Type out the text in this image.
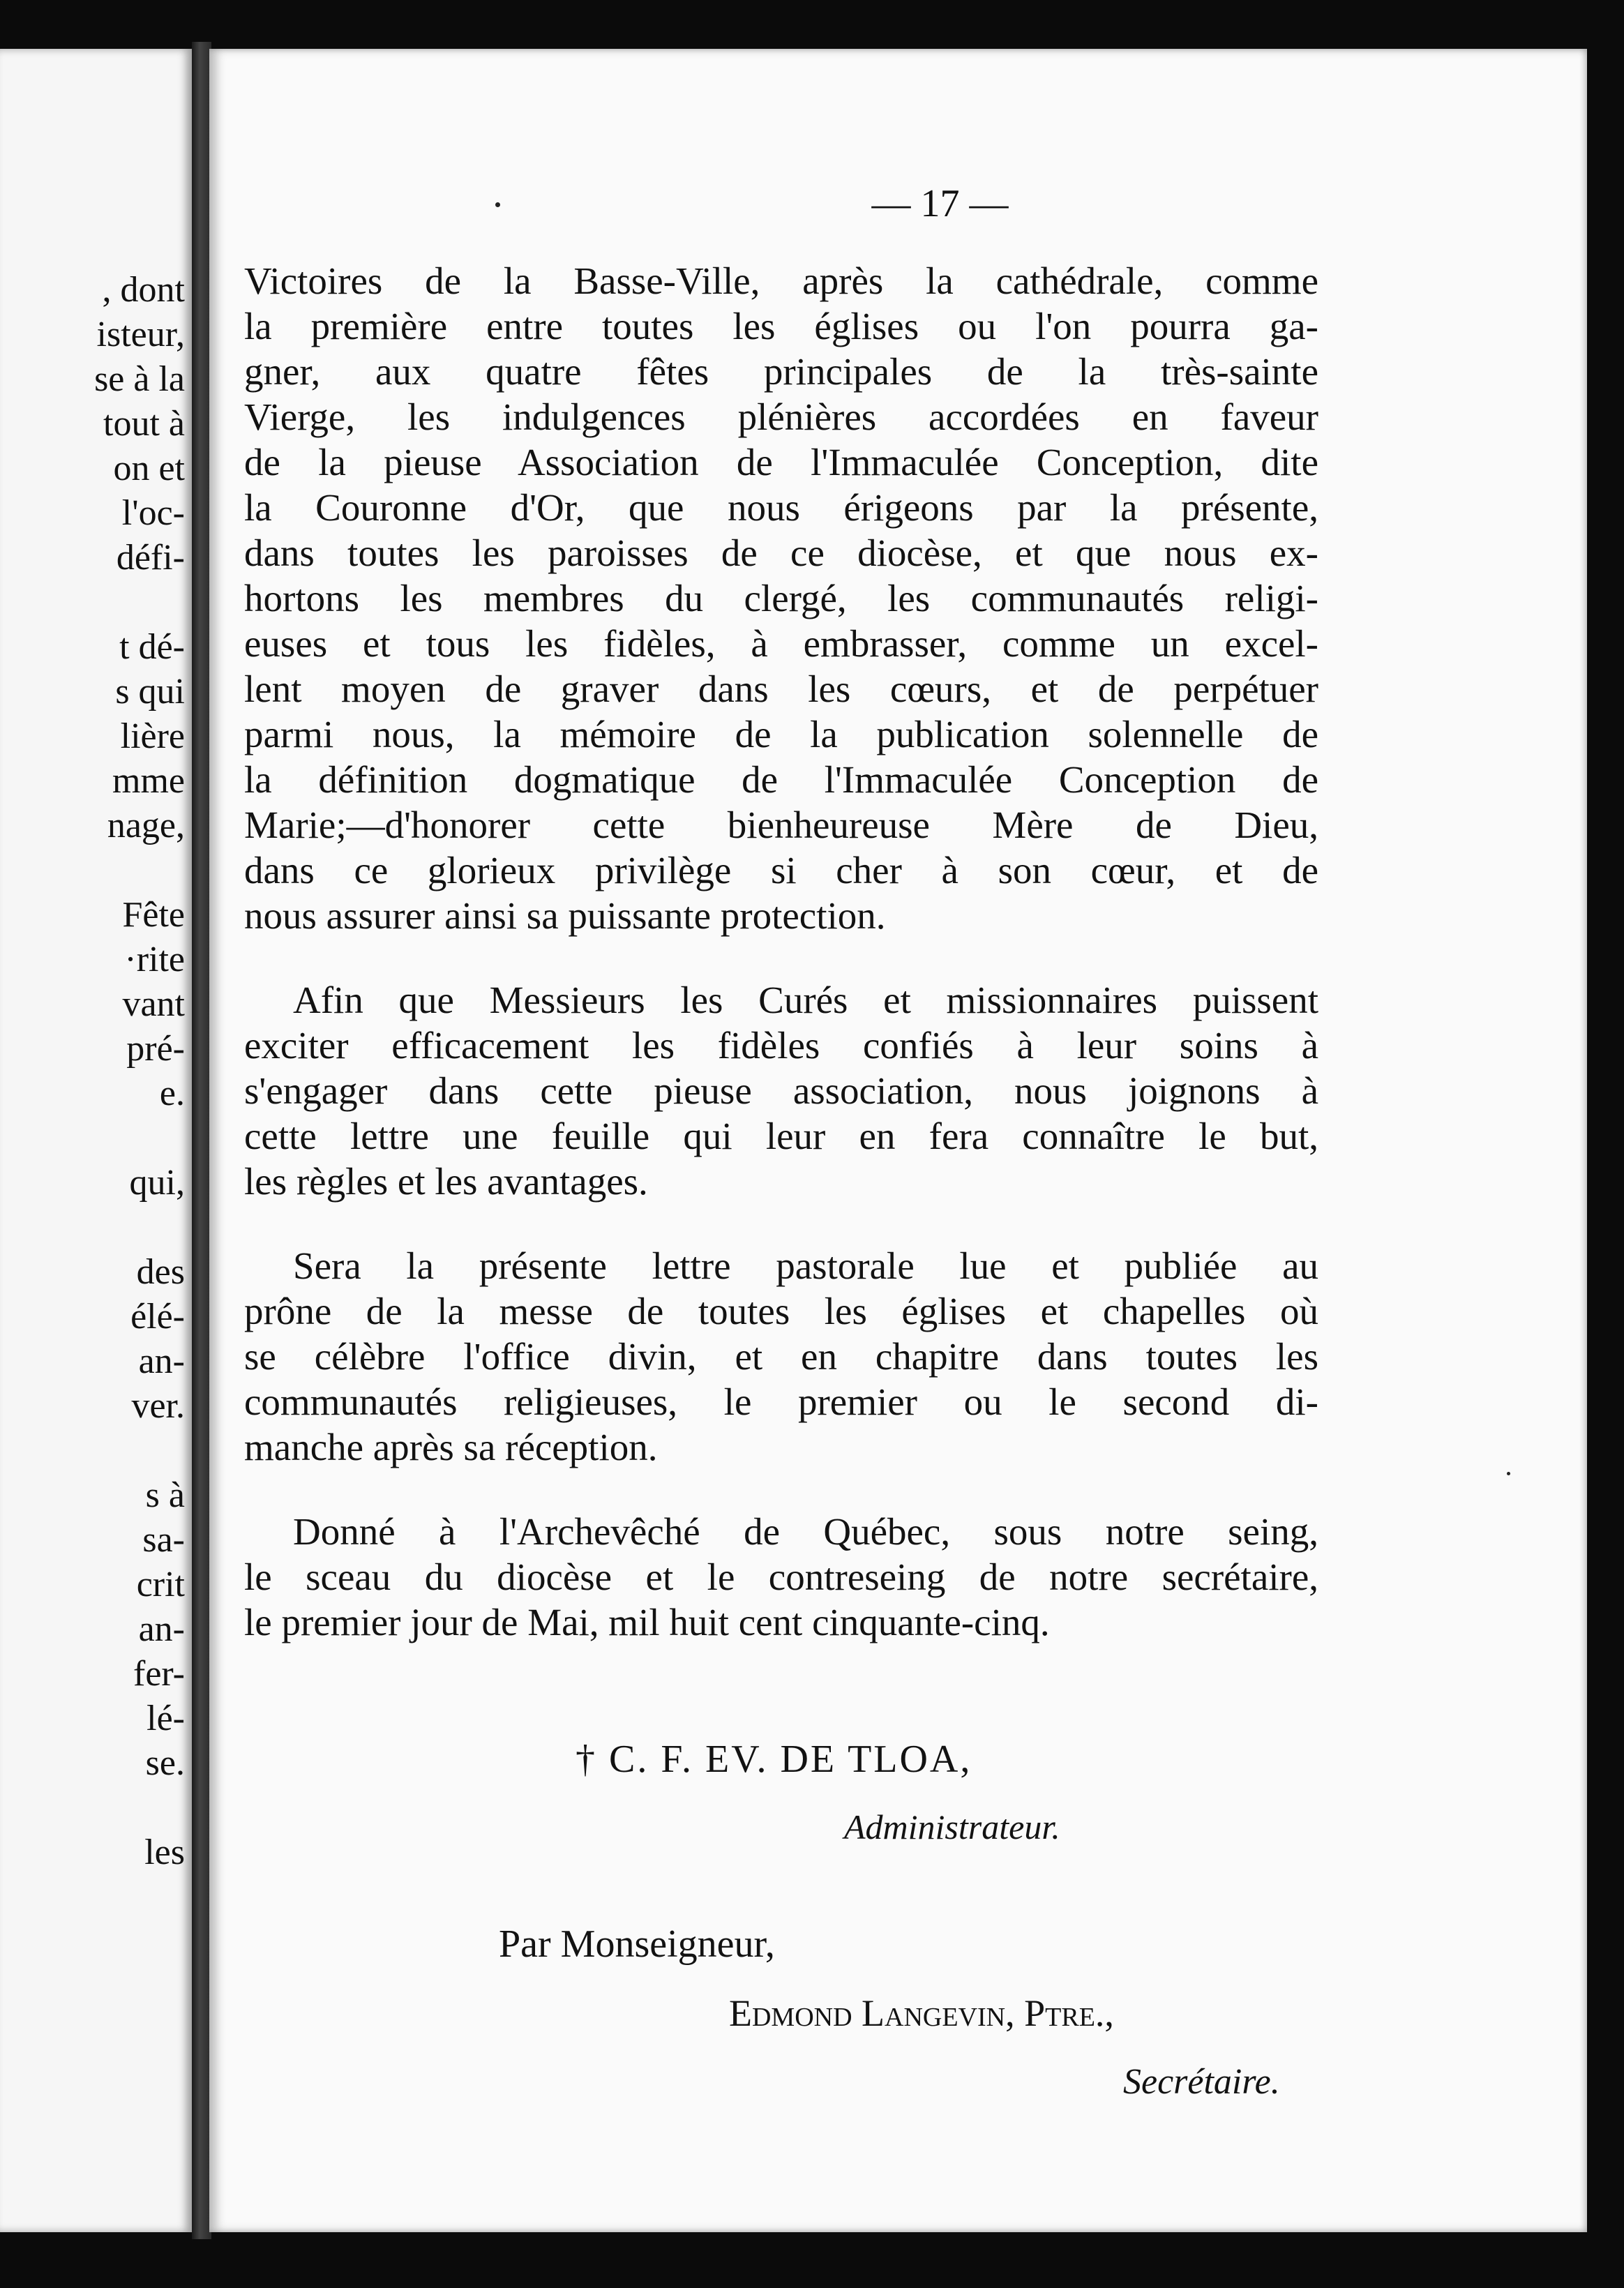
, dont
isteur,
se à la
tout à
on et
l'oc-
défi-
t dé-
s qui
lière
mme
nage,
Fête
·rite
vant
pré-
e.
qui,
des
élé-
an-
ver.
s à
sa-
crit
an-
fer-
lé-
se.
les
— 17 —
Victoires de la Basse-Ville, après la cathédrale, comme
la première entre toutes les églises ou l'on pourra ga-
gner, aux quatre fêtes principales de la très-sainte
Vierge, les indulgences plénières accordées en faveur
de la pieuse Association de l'Immaculée Conception, dite
la Couronne d'Or, que nous érigeons par la présente,
dans toutes les paroisses de ce diocèse, et que nous ex-
hortons les membres du clergé, les communautés religi-
euses et tous les fidèles, à embrasser, comme un excel-
lent moyen de graver dans les cœurs, et de perpétuer
parmi nous, la mémoire de la publication solennelle de
la définition dogmatique de l'Immaculée Conception de
Marie;—d'honorer cette bienheureuse Mère de Dieu,
dans ce glorieux privilège si cher à son cœur, et de
nous assurer ainsi sa puissante protection.
Afin que Messieurs les Curés et missionnaires puissent
exciter efficacement les fidèles confiés à leur soins à
s'engager dans cette pieuse association, nous joignons à
cette lettre une feuille qui leur en fera connaître le but,
les règles et les avantages.
Sera la présente lettre pastorale lue et publiée au
prône de la messe de toutes les églises et chapelles où
se célèbre l'office divin, et en chapitre dans toutes les
communautés religieuses, le premier ou le second di-
manche après sa réception.
Donné à l'Archevêché de Québec, sous notre seing,
le sceau du diocèse et le contreseing de notre secrétaire,
le premier jour de Mai, mil huit cent cinquante-cinq.
† C. F. EV. DE TLOA,
Administrateur.
Par Monseigneur,
Edmond Langevin, Ptre.,
Secrétaire.
